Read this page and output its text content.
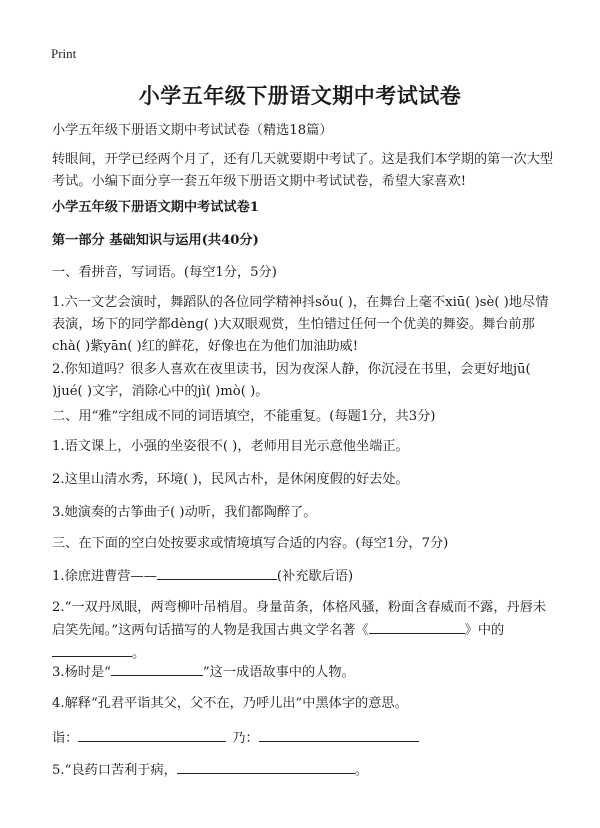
Print
小学五年级下册语文期中考试试卷

小学五年级下册语文期中考试试卷（精选18篇）

转眼间，开学已经两个月了，还有几天就要期中考试了。这是我们本学期的第一次大型考试。小编下面分享一套五年级下册语文期中考试试卷，希望大家喜欢!

小学五年级下册语文期中考试试卷1

第一部分 基础知识与运用(共40分)

一、看拼音，写词语。(每空1分，5分)

1.六一文艺会演时，舞蹈队的各位同学精神抖sǒu( )，在舞台上毫不xiū( )sè( )地尽情表演，场下的同学都dèng( )大双眼观赏，生怕错过任何一个优美的舞姿。舞台前那chà( )紫yān( )红的鲜花，好像也在为他们加油助威!

2.你知道吗？很多人喜欢在夜里读书，因为夜深人静，你沉浸在书里，会更好地jū( )jué( )文字，消除心中的jì( )mò( )。

二、用“雅”字组成不同的词语填空，不能重复。(每题1分，共3分)

1.语文课上，小强的坐姿很不( )，老师用目光示意他坐端正。

2.这里山清水秀，环境( )，民风古朴，是休闲度假的好去处。

3.她演奏的古筝曲子( )动听，我们都陶醉了。

三、在下面的空白处按要求或情境填写合适的内容。(每空1分，7分)

1.徐庶进曹营——	(补充歇后语)

2.“一双丹凤眼，两弯柳叶吊梢眉。身量苗条，体格风骚，粉面含春威而不露，丹唇未启笑先闻。”这两句话描写的人物是我国古典文学名著《	》中的。

3.杨时是“	”这一成语故事中的人物。

4.解释“孔君平诣其父，父不在，乃呼儿出”中黑体字的意思。

诣：	乃：

5.“良药口苦利于病，	。
